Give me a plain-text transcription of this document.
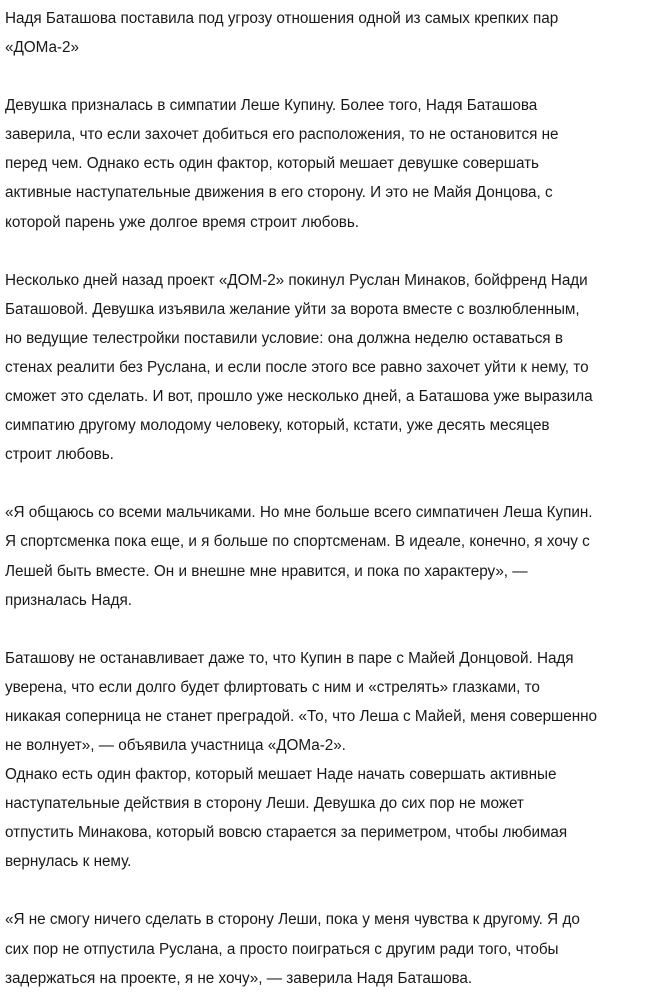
Надя Баташова поставила под угрозу отношения одной из самых крепких пар
«ДОМа-2»

Девушка призналась в симпатии Леше Купину. Более того, Надя Баташова
заверила, что если захочет добиться его расположения, то не остановится не
перед чем. Однако есть один фактор, который мешает девушке совершать
активные наступательные движения в его сторону. И это не Майя Донцова, с
которой парень уже долгое время строит любовь.

Несколько дней назад проект «ДОМ-2» покинул Руслан Минаков, бойфренд Нади
Баташовой. Девушка изъявила желание уйти за ворота вместе с возлюбленным,
но ведущие телестройки поставили условие: она должна неделю оставаться в
стенах реалити без Руслана, и если после этого все равно захочет уйти к нему, то
сможет это сделать. И вот, прошло уже несколько дней, а Баташова уже выразила
симпатию другому молодому человеку, который, кстати, уже десять месяцев
строит любовь.

«Я общаюсь со всеми мальчиками. Но мне больше всего симпатичен Леша Купин.
Я спортсменка пока еще, и я больше по спортсменам. В идеале, конечно, я хочу с
Лешей быть вместе. Он и внешне мне нравится, и пока по характеру», —
призналась Надя.

Баташову не останавливает даже то, что Купин в паре с Майей Донцовой. Надя
уверена, что если долго будет флиртовать с ним и «стрелять» глазками, то
никакая соперница не станет преградой. «То, что Леша с Майей, меня совершенно
не волнует», — объявила участница «ДОМа-2».
Однако есть один фактор, который мешает Наде начать совершать активные
наступательные действия в сторону Леши. Девушка до сих пор не может
отпустить Минакова, который вовсю старается за периметром, чтобы любимая
вернулась к нему.

«Я не смогу ничего сделать в сторону Леши, пока у меня чувства к другому. Я до
сих пор не отпустила Руслана, а просто поиграться с другим ради того, чтобы
задержаться на проекте, я не хочу», — заверила Надя Баташова.
